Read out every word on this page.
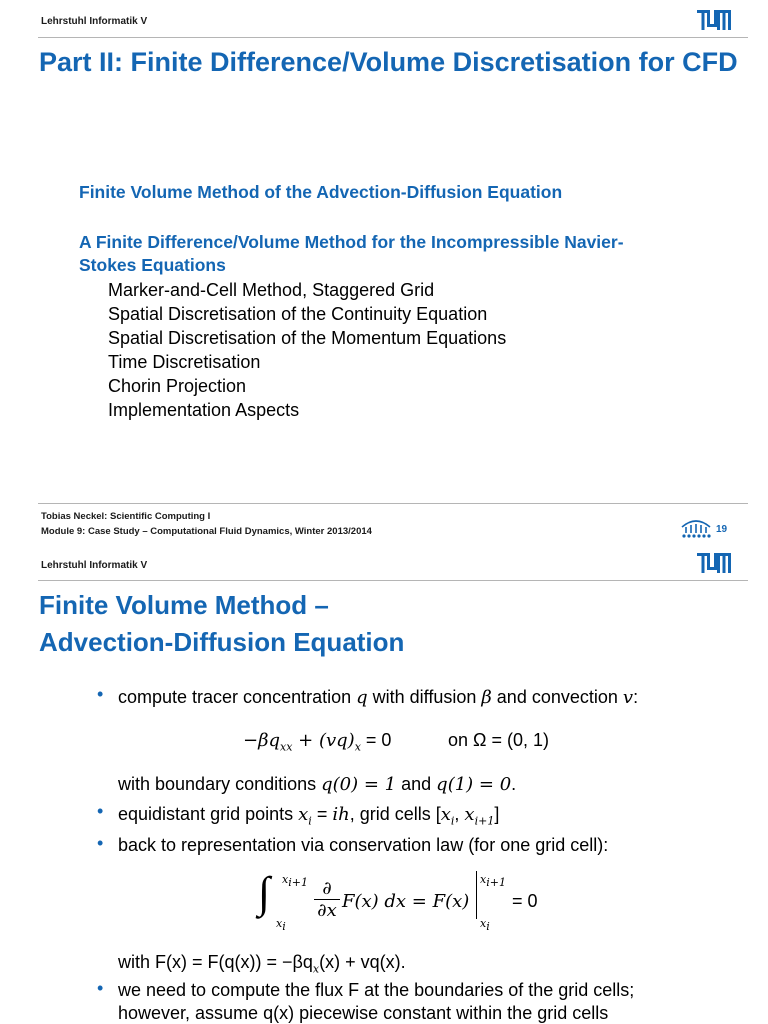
Lehrstuhl Informatik V
Part II: Finite Difference/Volume Discretisation for CFD
Finite Volume Method of the Advection-Diffusion Equation
A Finite Difference/Volume Method for the Incompressible Navier-Stokes Equations
Marker-and-Cell Method, Staggered Grid
Spatial Discretisation of the Continuity Equation
Spatial Discretisation of the Momentum Equations
Time Discretisation
Chorin Projection
Implementation Aspects
Tobias Neckel: Scientific Computing I
Module 9: Case Study – Computational Fluid Dynamics, Winter 2013/2014	19
Lehrstuhl Informatik V
Finite Volume Method –
Advection-Diffusion Equation
• compute tracer concentration q with diffusion β and convection v:
$-\beta q_{xx} + (vq)_x = 0$	on Ω = (0, 1)
with boundary conditions q(0) = 1 and q(1) = 0.
• equidistant grid points $x_i$ = ih, grid cells [$x_i$, $x_{i+1}$]
• back to representation via conservation law (for one grid cell):
∫ $x_{i+1}$
$x_i$
∂
∂x F(x) dx = F(x)
$x_{i+1}$
$x_i$
= 0
with $F(x) = F(q(x)) = -\beta q_x(x) + vq(x)$.
• we need to compute the flux F at the boundaries of the grid cells;
however, assume q(x) piecewise constant within the grid cells
